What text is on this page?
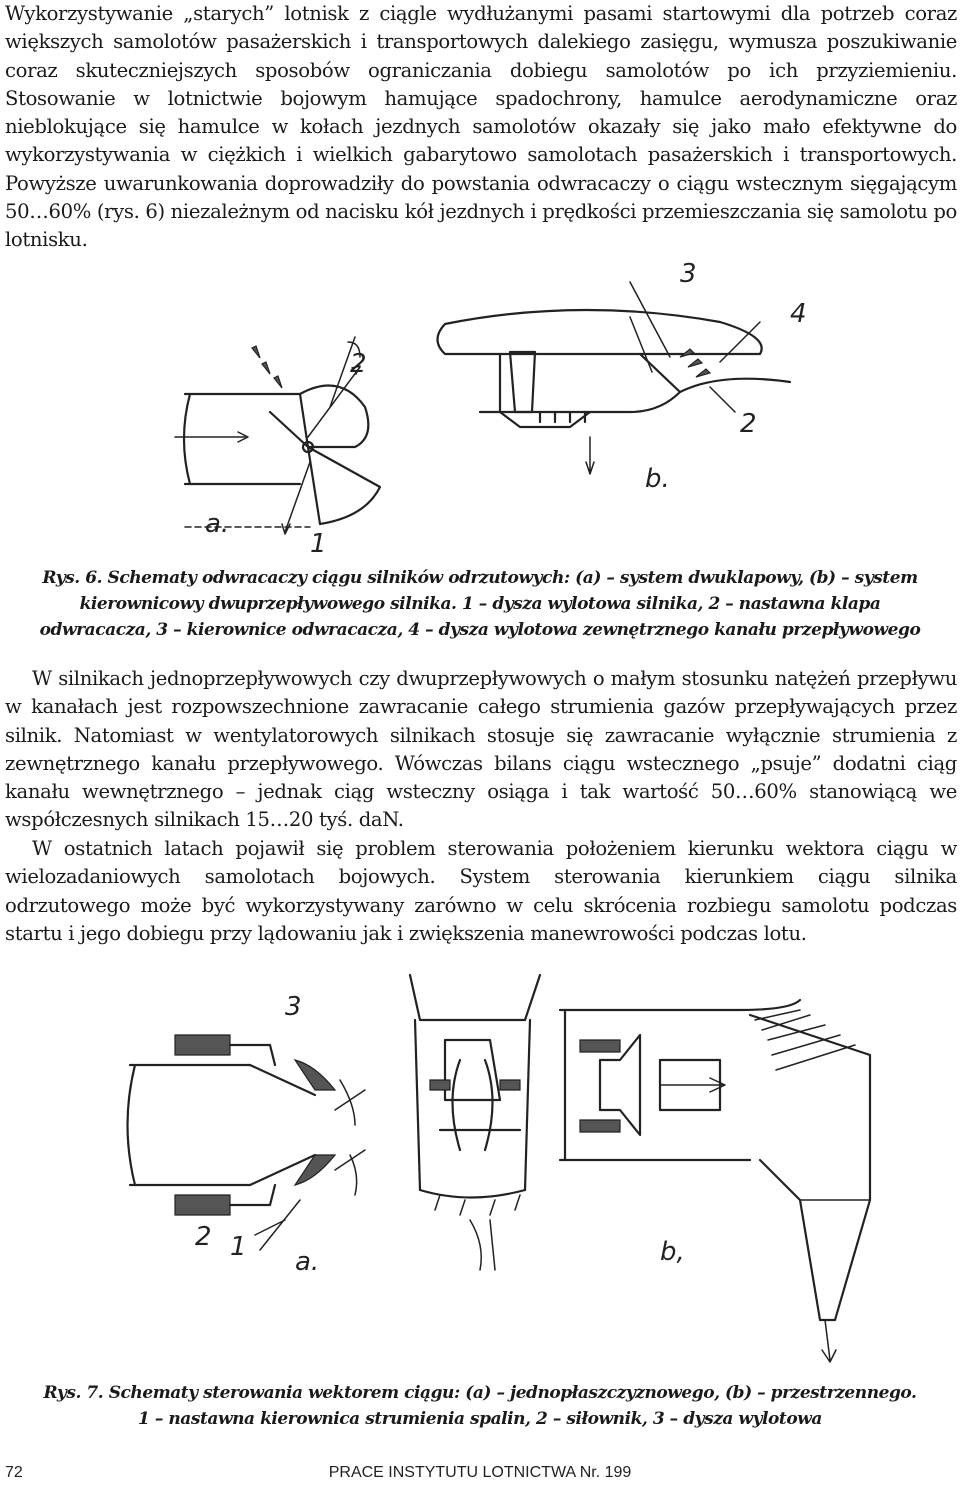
Wykorzystywanie „starych” lotnisk z ciągle wydłużanymi pasami startowymi dla potrzeb coraz większych samolotów pasażerskich i transportowych dalekiego zasięgu, wymusza poszukiwanie coraz skuteczniejszych sposobów ograniczania dobiegu samolotów po ich przyziemieniu. Stosowanie w lotnictwie bojowym hamujące spadochrony, hamulce aerodynamiczne oraz nieblokujące się hamulce w kołach jezdnych samolotów okazały się jako mało efektywne do wykorzystywania w ciężkich i wielkich gabarytowo samolotach pasażerskich i transportowych. Powyższe uwarunkowania doprowadziły do powstania odwracaczy o ciągu wstecznym sięgającym 50…60% (rys. 6) niezależnym od nacisku kół jezdnych i prędkości przemieszczania się samolotu po lotnisku.

a.
1
2
3
4
2
b.

Rys. 6. Schematy odwracaczy ciągu silników odrzutowych: (a) – system dwuklapowy, (b) – system

kierownicowy dwuprzepływowego silnika. 1 – dysza wylotowa silnika, 2 – nastawna klapa

odwracacza, 3 – kierownice odwracacza, 4 – dysza wylotowa zewnętrznego kanału przepływowego

W silnikach jednoprzepływowych czy dwuprzepływowych o małym stosunku natężeń przepływu w kanałach jest rozpowszechnione zawracanie całego strumienia gazów przepływających przez silnik. Natomiast w wentylatorowych silnikach stosuje się zawracanie wyłącznie strumienia z zewnętrznego kanału przepływowego. Wówczas bilans ciągu wstecznego „psuje” dodatni ciąg kanału wewnętrznego – jednak ciąg wsteczny osiąga i tak wartość 50…60% stanowiącą we współczesnych silnikach 15…20 tyś. daN.

W ostatnich latach pojawił się problem sterowania położeniem kierunku wektora ciągu w wielozadaniowych samolotach bojowych. System sterowania kierunkiem ciągu silnika odrzutowego może być wykorzystywany zarówno w celu skrócenia rozbiegu samolotu podczas startu i jego dobiegu przy lądowaniu jak i zwiększenia manewrowości podczas lotu.

3
2 1 a.	b,

Rys. 7. Schematy sterowania wektorem ciągu: (a) – jednopłaszczyznowego, (b) – przestrzennego.

1 – nastawna kierownica strumienia spalin, 2 – siłownik, 3 – dysza wylotowa

72	PRACE INSTYTUTU LOTNICTWA Nr. 199
